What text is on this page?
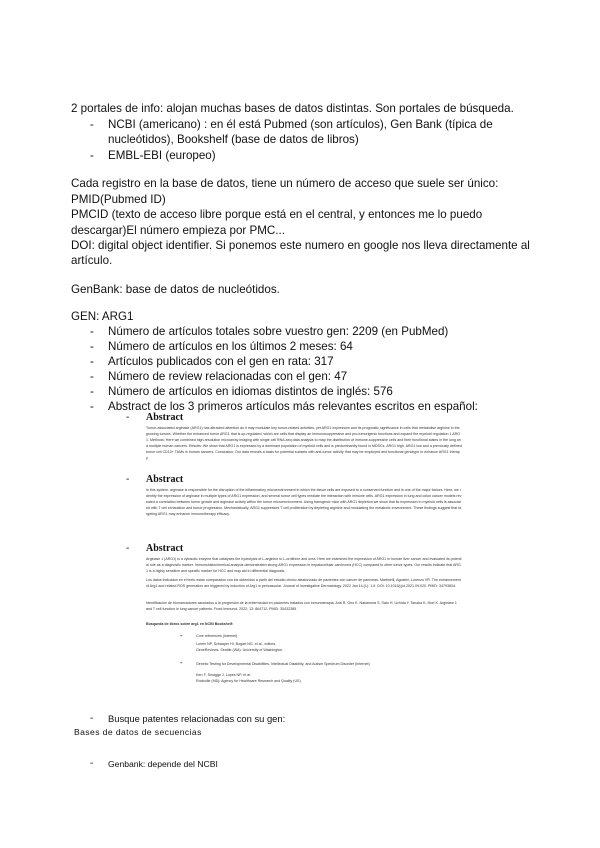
2 portales de info: alojan muchas bases de datos distintas. Son portales de búsqueda.
- NCBI (americano) : en él está Pubmed (son artículos), Gen Bank (típica de
nucleótidos), Bookshelf (base de datos de libros)
- EMBL-EBI (europeo)
Cada registro en la base de datos, tiene un número de acceso que suele ser único:
PMID(Pubmed ID)
PMCID (texto de acceso libre porque está en el central, y entonces me lo puedo
descargar)El número empieza por PMC...
DOI: digital object identifier. Si ponemos este numero en google nos lleva directamente al
artículo.
GenBank: base de datos de nucleótidos.
GEN: ARG1
- Número de artículos totales sobre vuestro gen: 2209 (en PubMed)
- Número de artículos en los últimos 2 meses: 64
- Artículos publicados con el gen en rata: 317
- Número de review relacionadas con el gen: 47
- Número de artículos en idiomas distintos de inglés: 576
- Abstract de los 3 primeros artículos más relevantes escritos en español:
- Abstract
Tumor-associated arginase (ARG1) has attracted attention as it may modulate key tumor-related activities, yet ARG1 expression and its prognostic significance in cells that metabolise arginine in the growing tumors. Whether the enhanced tumor ARG1 that is up-regulated, which are cells that display an immunosuppressive and pro-tumorigenic functions and expand the myeloid regulation 1 ARG1. Methods: Here we combined high-resolution microarray imaging with single cell RNA-seq data analysis to map the distribution of immune-suppressive cells and their functional states in the lung and multiple human cancers. Results: We show that ARG1 is expressed by a dominant population of myeloid cells and is predominantly found in MDSCs, ARG1 high, ARG1 low and a previously defined tumor cell CD10+ TAMs in human cancers. Conclusion: Our data reveals a basis for potential subsets with anti-tumor activity that may be employed and functional genotype to enhance ARG1 therapy.
- Abstract
In this system, arginase is responsible for the disruption of the inflammatory microenvironment in which the tissue cells are exposed to a conserved function and is one of the major factors. Here, we identify the expression of arginase in multiple types of ARG1 expression, and several tumor cell types mediate the interaction with immune cells. ARG1 expression in lung and colon cancer models revealed a correlation between tumor growth and arginase activity within the tumor microenvironment. Using transgenic mice with ARG1 depletion we show that its expression in myeloid cells is associated with T cell exhaustion and tumor progression. Mechanistically, ARG1 suppresses T cell proliferation by depleting arginine and modulating the metabolic environment. These findings suggest that targeting ARG1 may enhance immunotherapy efficacy.
- Abstract
Arginase 1 (ARG1) is a cytosolic enzyme that catalyses the hydrolysis of L-arginine to L-ornithine and urea. Here we examined the expression of ARG1 in human liver cancer and evaluated its potential role as a diagnostic marker. Immunohistochemical analysis demonstrated strong ARG1 expression in hepatocellular carcinoma (HCC) compared to other tumor types. Our results indicate that ARG1 is a highly sensitive and specific marker for HCC and may aid in differential diagnosis.
Los datos indicados en el texto están comparados con los obtenidos a partir del estudio clínico aleatorizado de pacientes con cáncer de páncreas. Martinelli, Agostini, Lorenzo VR. The enhancement of Arg1 and related ROS generation are triggered by induction of Arg1 in perivascular. Journal of Investigative Dermatology. 2022 Jan 14;(1): 1-9. DOI: 10.1016/j.jid.2021.09.020. PMID: 34793834.
Identificación de biomarcadores asociados a la progresión de la enfermedad en pacientes tratados con inmunoterapia. Arai R, Ono K, Nakamura S, Sato H, Uchida Y, Tanaka K, Mori K. Arginase 1 and T cell function in lung cancer patients. Front Immunol. 2022; 13: 864712. PMID: 35432385.
Búsqueda de libros sobre arg1 en NCBI Bookshelf:
-	Core references (Internet)
Lorem NP, Schaaper HI, Bogart NG, et al., editors.
GeneReviews. Seattle (WA): University of Washington.
-	Genetic Testing for Developmental Disabilities, Intellectual Disability, and Autism Spectrum Disorder (Internet)
Kerr F, Smagge J, Lopes NP, et al.
Rockville (MD): Agency for Healthcare Research and Quality (US).
- Busque patentes relacionadas con su gen:
Bases de datos de secuencias
- Genbank: depende del NCBI
